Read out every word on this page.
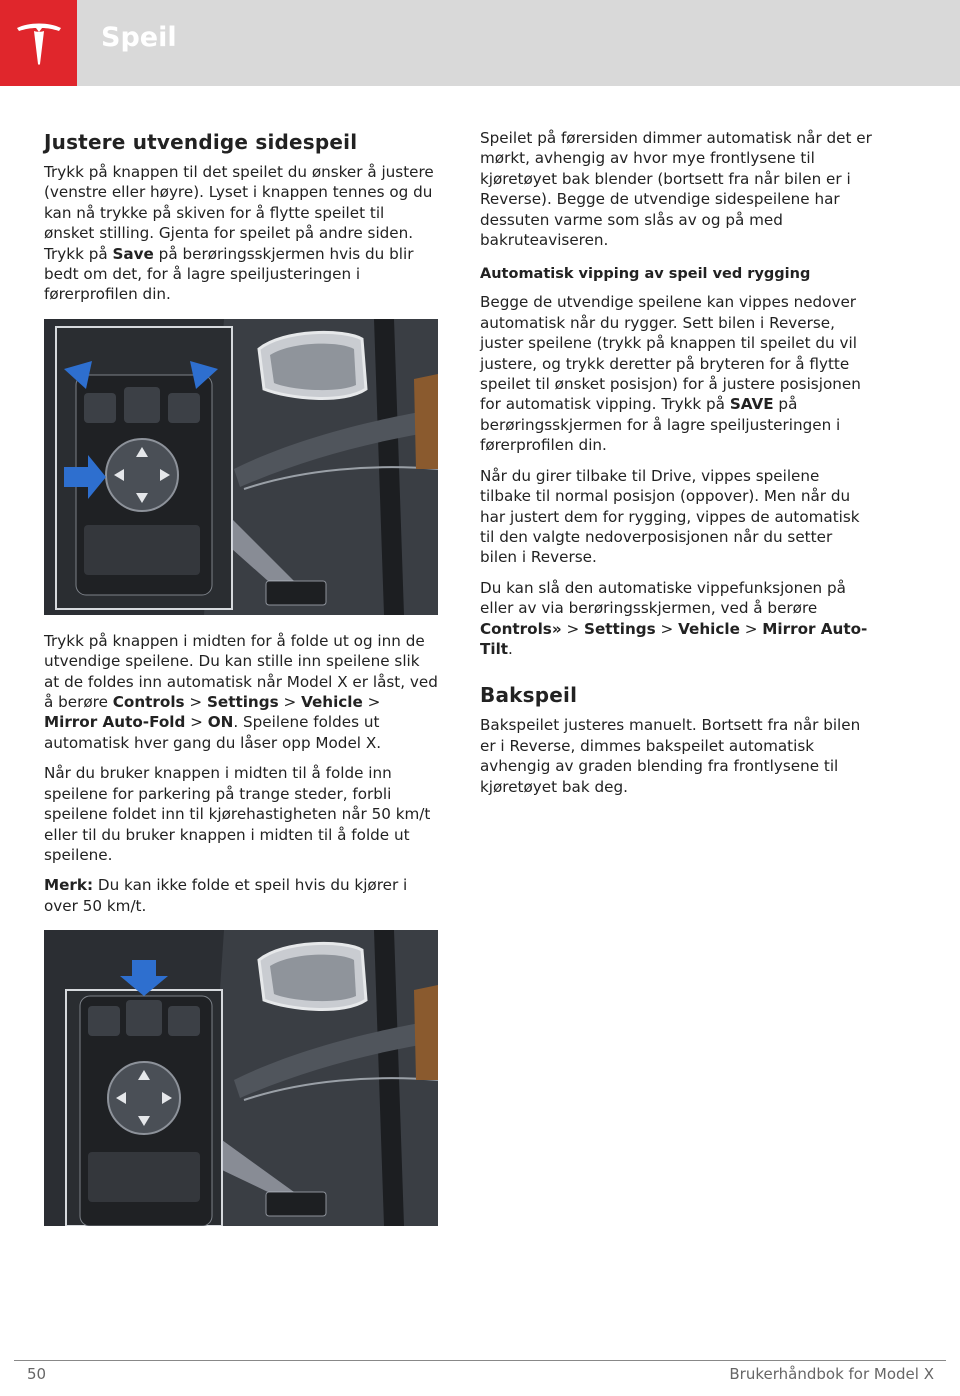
Speil
Justere utvendige sidespeil

Trykk på knappen til det speilet du ønsker å justere (venstre eller høyre). Lyset i knappen tennes og du kan nå trykke på skiven for å flytte speilet til ønsket stilling. Gjenta for speilet på andre siden. Trykk på Save på berøringsskjermen hvis du blir bedt om det, for å lagre speiljusteringen i førerprofilen din.

Trykk på knappen i midten for å folde ut og inn de utvendige speilene. Du kan stille inn speilene slik at de foldes inn automatisk når Model X er låst, ved å berøre Controls > Settings > Vehicle > Mirror Auto-Fold > ON. Speilene foldes ut automatisk hver gang du låser opp Model X.

Når du bruker knappen i midten til å folde inn speilene for parkering på trange steder, forbli speilene foldet inn til kjørehastigheten når 50 km/t eller til du bruker knappen i midten til å folde ut speilene.

Merk: Du kan ikke folde et speil hvis du kjører i over 50 km/t.

Speilet på førersiden dimmer automatisk når det er mørkt, avhengig av hvor mye frontlysene til kjøretøyet bak blender (bortsett fra når bilen er i Reverse). Begge de utvendige sidespeilene har dessuten varme som slås av og på med bakruteaviseren.

Automatisk vipping av speil ved rygging

Begge de utvendige speilene kan vippes nedover automatisk når du rygger. Sett bilen i Reverse, juster speilene (trykk på knappen til speilet du vil justere, og trykk deretter på bryteren for å flytte speilet til ønsket posisjon) for å justere posisjonen for automatisk vipping. Trykk på SAVE på berøringsskjermen for å lagre speiljusteringen i førerprofilen din.

Når du girer tilbake til Drive, vippes speilene tilbake til normal posisjon (oppover). Men når du har justert dem for rygging, vippes de automatisk til den valgte nedoverposisjonen når du setter bilen i Reverse.

Du kan slå den automatiske vippefunksjonen på eller av via berøringsskjermen, ved å berøre Controls» > Settings > Vehicle > Mirror Auto-Tilt.

Bakspeil

Bakspeilet justeres manuelt. Bortsett fra når bilen er i Reverse, dimmes bakspeilet automatisk avhengig av graden blending fra frontlysene til kjøretøyet bak deg.

50	Brukerhåndbok for Model X
